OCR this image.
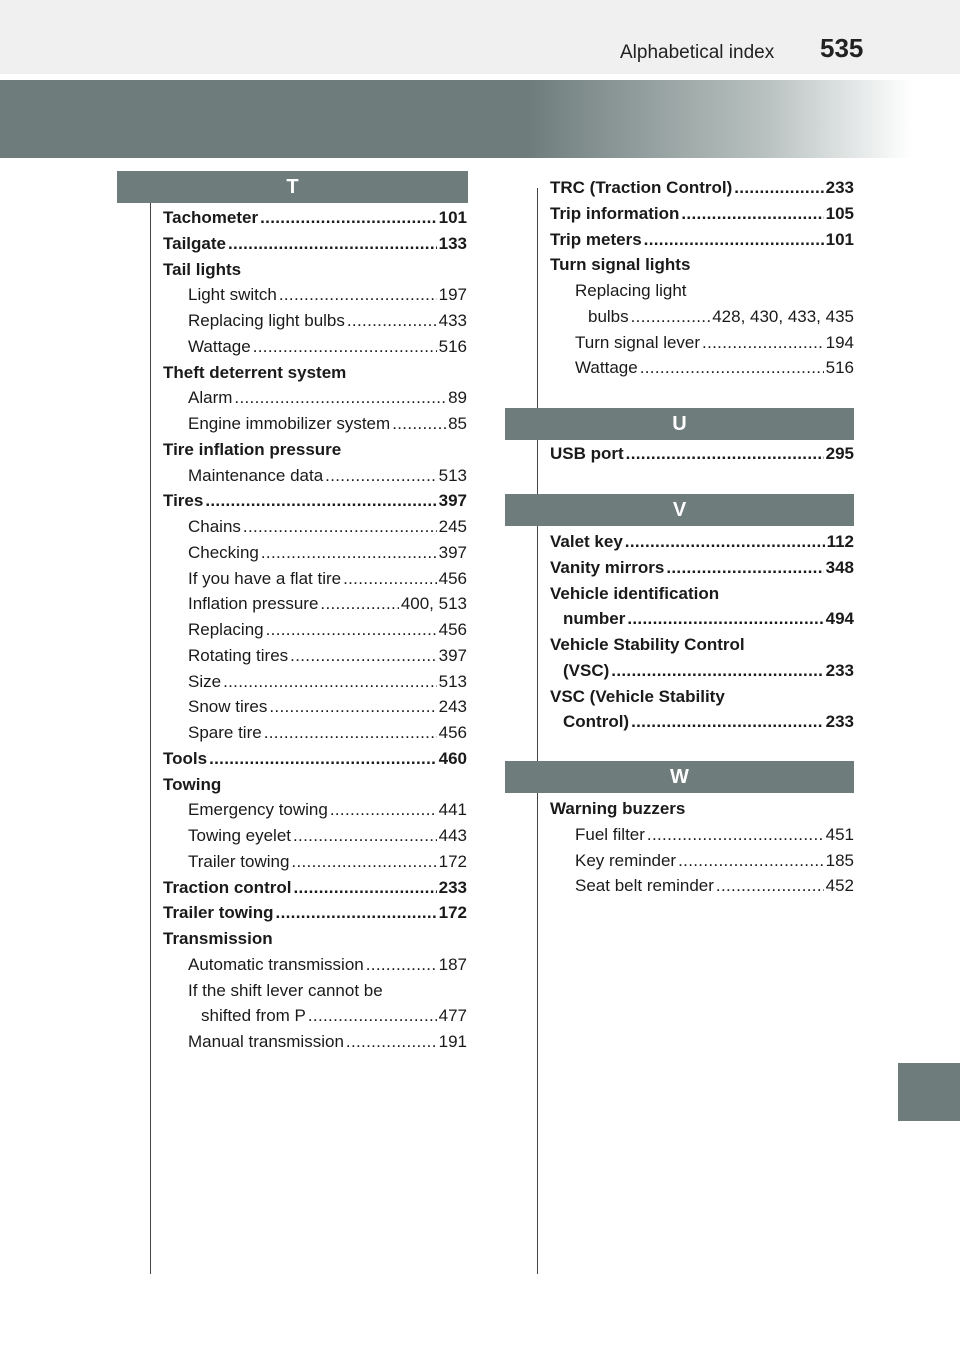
Alphabetical index 535
T
U
V
W
Tachometer . . .	101
Tailgate . . .	133
Tail lights
Light switch . . .	197
Replacing light bulbs . . .	433
Wattage . . .	516
Theft deterrent system
Alarm . . .	89
Engine immobilizer system . . .	85
Tire inflation pressure
Maintenance data . . .	513
Tires . . .	397
Chains . . .	245
Checking . . .	397
If you have a flat tire . . .	456
Inflation pressure . . .	400, 513
Replacing . . .	456
Rotating tires . . .	397
Size . . .	513
Snow tires . . .	243
Spare tire . . .	456
Tools . . .	460
Towing
Emergency towing . . .	441
Towing eyelet . . .	443
Trailer towing . . .	172
Traction control . . .	233
Trailer towing . . .	172
Transmission
Automatic transmission . . .	187
If the shift lever cannot be
shifted from P . . .	477
Manual transmission . . .	191
TRC (Traction Control) . . .	233
Trip information . . .	105
Trip meters . . .	101
Turn signal lights
Replacing light
bulbs . . .	428, 430, 433, 435
Turn signal lever . . .	194
Wattage . . .	516
USB port . . .	295
Valet key . . .	112
Vanity mirrors . . .	348
Vehicle identification
number . . .	494
Vehicle Stability Control
(VSC) . . .	233
VSC (Vehicle Stability
Control) . . .	233
Warning buzzers
Fuel filter . . .	451
Key reminder . . .	185
Seat belt reminder . . .	452
